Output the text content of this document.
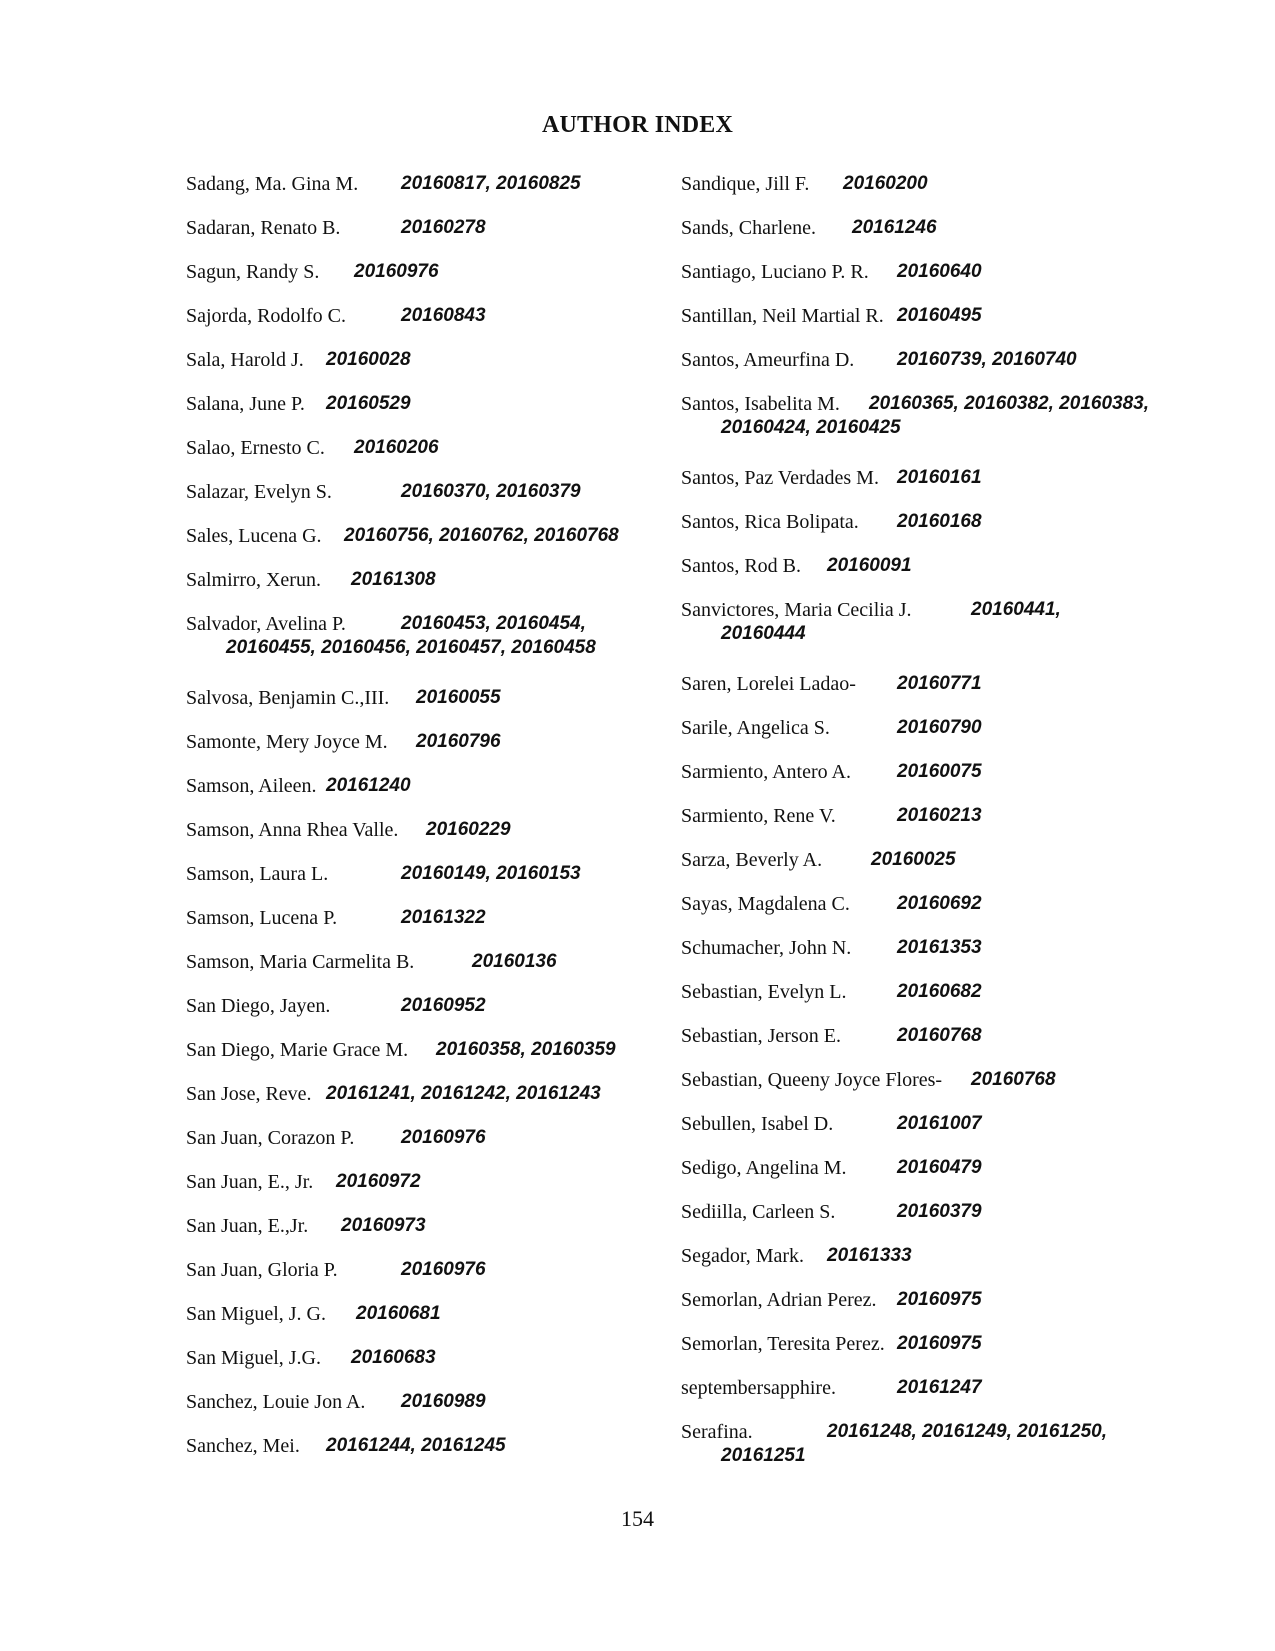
AUTHOR INDEX
Sadang, Ma. Gina M. 20160817, 20160825
Sadaran, Renato B.	20160278
Sagun, Randy S. 20160976
Sajorda, Rodolfo C.	20160843
Sala, Harold J. 20160028
Salana, June P. 20160529
Salao, Ernesto C. 20160206
Salazar, Evelyn S.	20160370, 20160379
Sales, Lucena G. 20160756, 20160762, 20160768
Salmirro, Xerun. 20161308
Salvador, Avelina P.	20160453, 20160454,
20160455, 20160456, 20160457, 20160458
Salvosa, Benjamin C.,III. 20160055
Samonte, Mery Joyce M. 20160796
Samson, Aileen. 20161240
Samson, Anna Rhea Valle. 20160229
Samson, Laura L.	20160149, 20160153
Samson, Lucena P.	20161322
Samson, Maria Carmelita B.	20160136
San Diego, Jayen.	20160952
San Diego, Marie Grace M. 20160358, 20160359
San Jose, Reve. 20161241, 20161242, 20161243
San Juan, Corazon P. 20160976
San Juan, E., Jr. 20160972
San Juan, E.,Jr. 20160973
San Juan, Gloria P.	20160976
San Miguel, J. G. 20160681
San Miguel, J.G. 20160683
Sanchez, Louie Jon A. 20160989
Sanchez, Mei. 20161244, 20161245
Sandique, Jill F. 20160200
Sands, Charlene. 20161246
Santiago, Luciano P. R. 20160640
Santillan, Neil Martial R. 20160495
Santos, Ameurfina D. 20160739, 20160740
Santos, Isabelita M. 20160365, 20160382, 20160383,
20160424, 20160425
Santos, Paz Verdades M. 20160161
Santos, Rica Bolipata. 20160168
Santos, Rod B. 20160091
Sanvictores, Maria Cecilia J.	20160441,
20160444
Saren, Lorelei Ladao- 20160771
Sarile, Angelica S.	20160790
Sarmiento, Antero A. 20160075
Sarmiento, Rene V.	20160213
Sarza, Beverly A.	20160025
Sayas, Magdalena C. 20160692
Schumacher, John N. 20161353
Sebastian, Evelyn L.	20160682
Sebastian, Jerson E.	20160768
Sebastian, Queeny Joyce Flores- 20160768
Sebullen, Isabel D.	20161007
Sedigo, Angelina M.	20160479
Sediilla, Carleen S.	20160379
Segador, Mark. 20161333
Semorlan, Adrian Perez. 20160975
Semorlan, Teresita Perez. 20160975
septembersapphire.	20161247
Serafina.	20161248, 20161249, 20161250,
20161251
154
